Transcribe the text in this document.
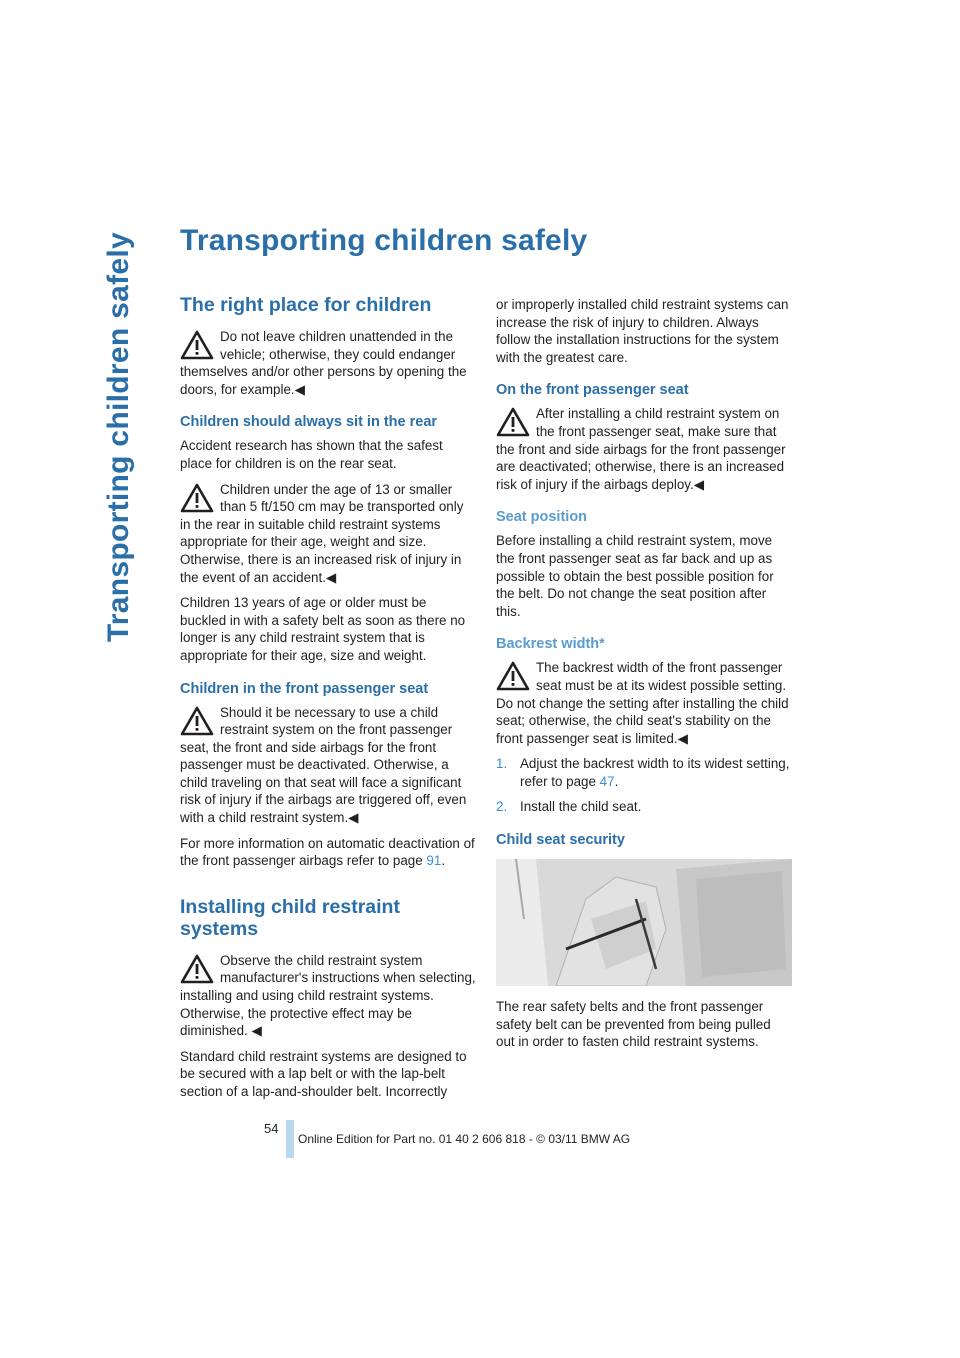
Transporting children safely Transporting children safely
The right place for children
Do not leave children unattended in the vehicle; otherwise, they could endanger themselves and/or other persons by opening the doors, for example.◀
Children should always sit in the rear

Accident research has shown that the safest place for children is on the rear seat.

Children under the age of 13 or smaller than 5 ft/150 cm may be transported only in the rear in suitable child restraint systems appropriate for their age, weight and size. Otherwise, there is an increased risk of injury in the event of an accident.◀

Children 13 years of age or older must be buckled in with a safety belt as soon as there no longer is any child restraint system that is appropriate for their age, size and weight.

Children in the front passenger seat
Should it be necessary to use a child restraint system on the front passenger seat, the front and side airbags for the front passenger must be deactivated. Otherwise, a child traveling on that seat will face a significant risk of injury if the airbags are triggered off, even with a child restraint system.◀

For more information on automatic deactivation of the front passenger airbags refer to page 91.

Installing child restraint systems
Observe the child restraint system manufacturer's instructions when selecting, installing and using child restraint systems. Otherwise, the protective effect may be diminished. ◀

Standard child restraint systems are designed to be secured with a lap belt or with the lap-belt section of a lap-and-shoulder belt. Incorrectly

or improperly installed child restraint systems can increase the risk of injury to children. Always follow the installation instructions for the system with the greatest care.

On the front passenger seat
After installing a child restraint system on the front passenger seat, make sure that the front and side airbags for the front passenger are deactivated; otherwise, there is an increased risk of injury if the airbags deploy.◀
Seat position

Before installing a child restraint system, move the front passenger seat as far back and up as possible to obtain the best possible position for the belt. Do not change the seat position after this.

Backrest width*
The backrest width of the front passenger seat must be at its widest possible setting. Do not change the setting after installing the child seat; otherwise, the child seat's stability on the front passenger seat is limited.◀
1. Adjust the backrest width to its widest setting, refer to page 47.
2. Install the child seat.
Child seat security

The rear safety belts and the front passenger safety belt can be prevented from being pulled out in order to fasten child restraint systems.

54
Online Edition for Part no. 01 40 2 606 818 - © 03/11 BMW AG
